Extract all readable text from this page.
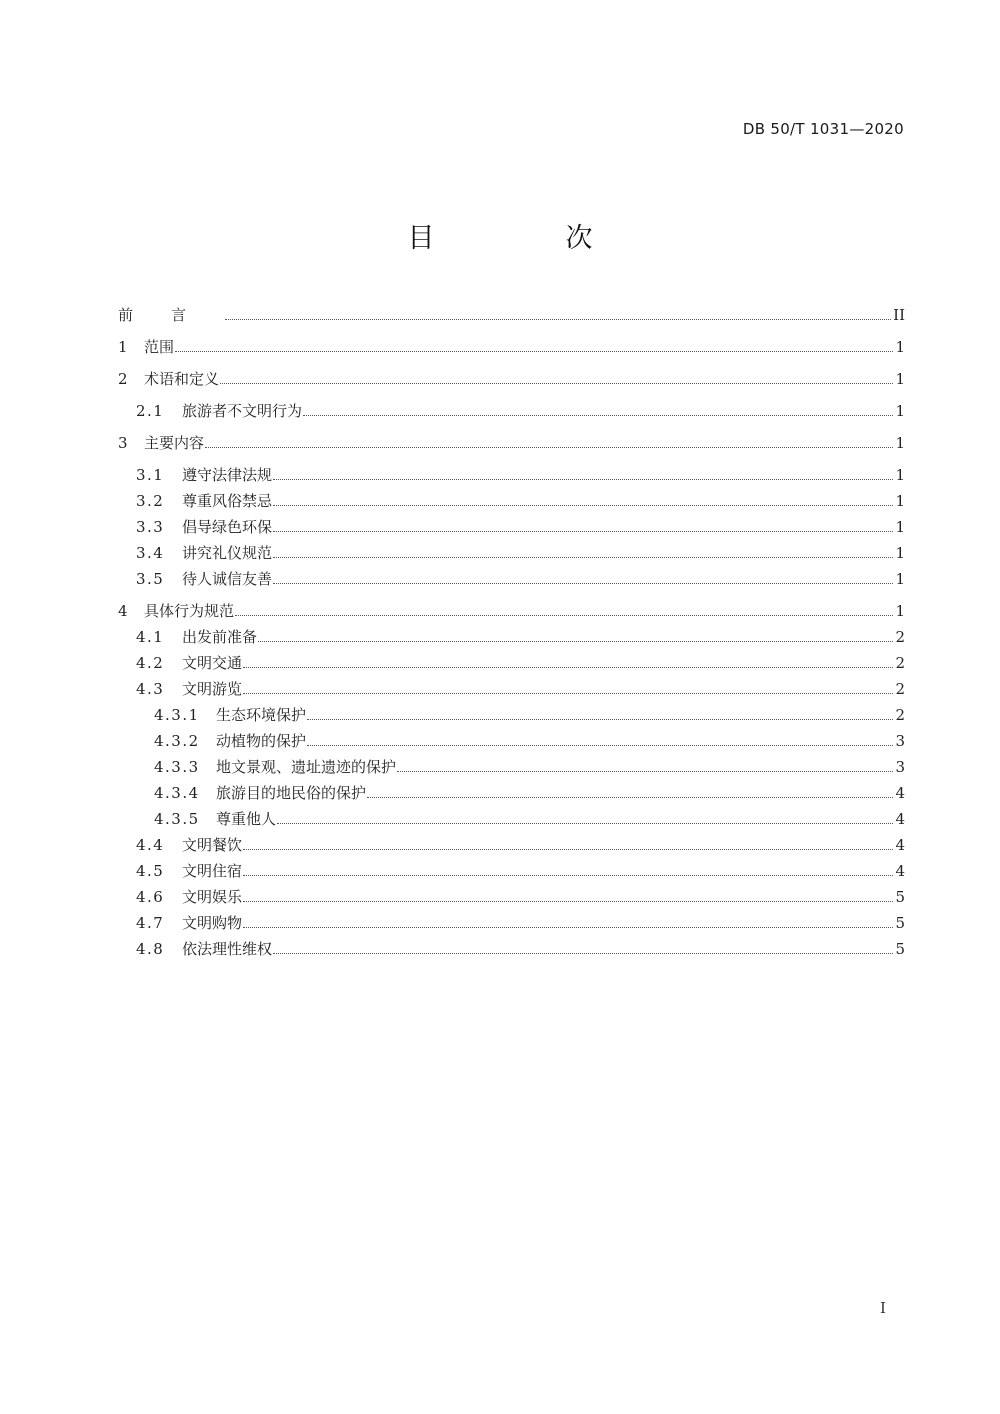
DB 50/T 1031—2020
目　次
前言	II
1 范围	1
2 术语和定义	1
2.1	旅游者不文明行为	1
3 主要内容	1
3.1	遵守法律法规	1
3.2	尊重风俗禁忌	1
3.3	倡导绿色环保	1
3.4	讲究礼仪规范	1
3.5	待人诚信友善	1
4 具体行为规范	1
4.1	出发前准备	2
4.2	文明交通	2
4.3	文明游览	2
4.3.1	生态环境保护	2
4.3.2	动植物的保护	3
4.3.3	地文景观、遗址遗迹的保护	3
4.3.4	旅游目的地民俗的保护	4
4.3.5	尊重他人	4
4.4	文明餐饮	4
4.5	文明住宿	4
4.6	文明娱乐	5
4.7	文明购物	5
4.8	依法理性维权	5
I
